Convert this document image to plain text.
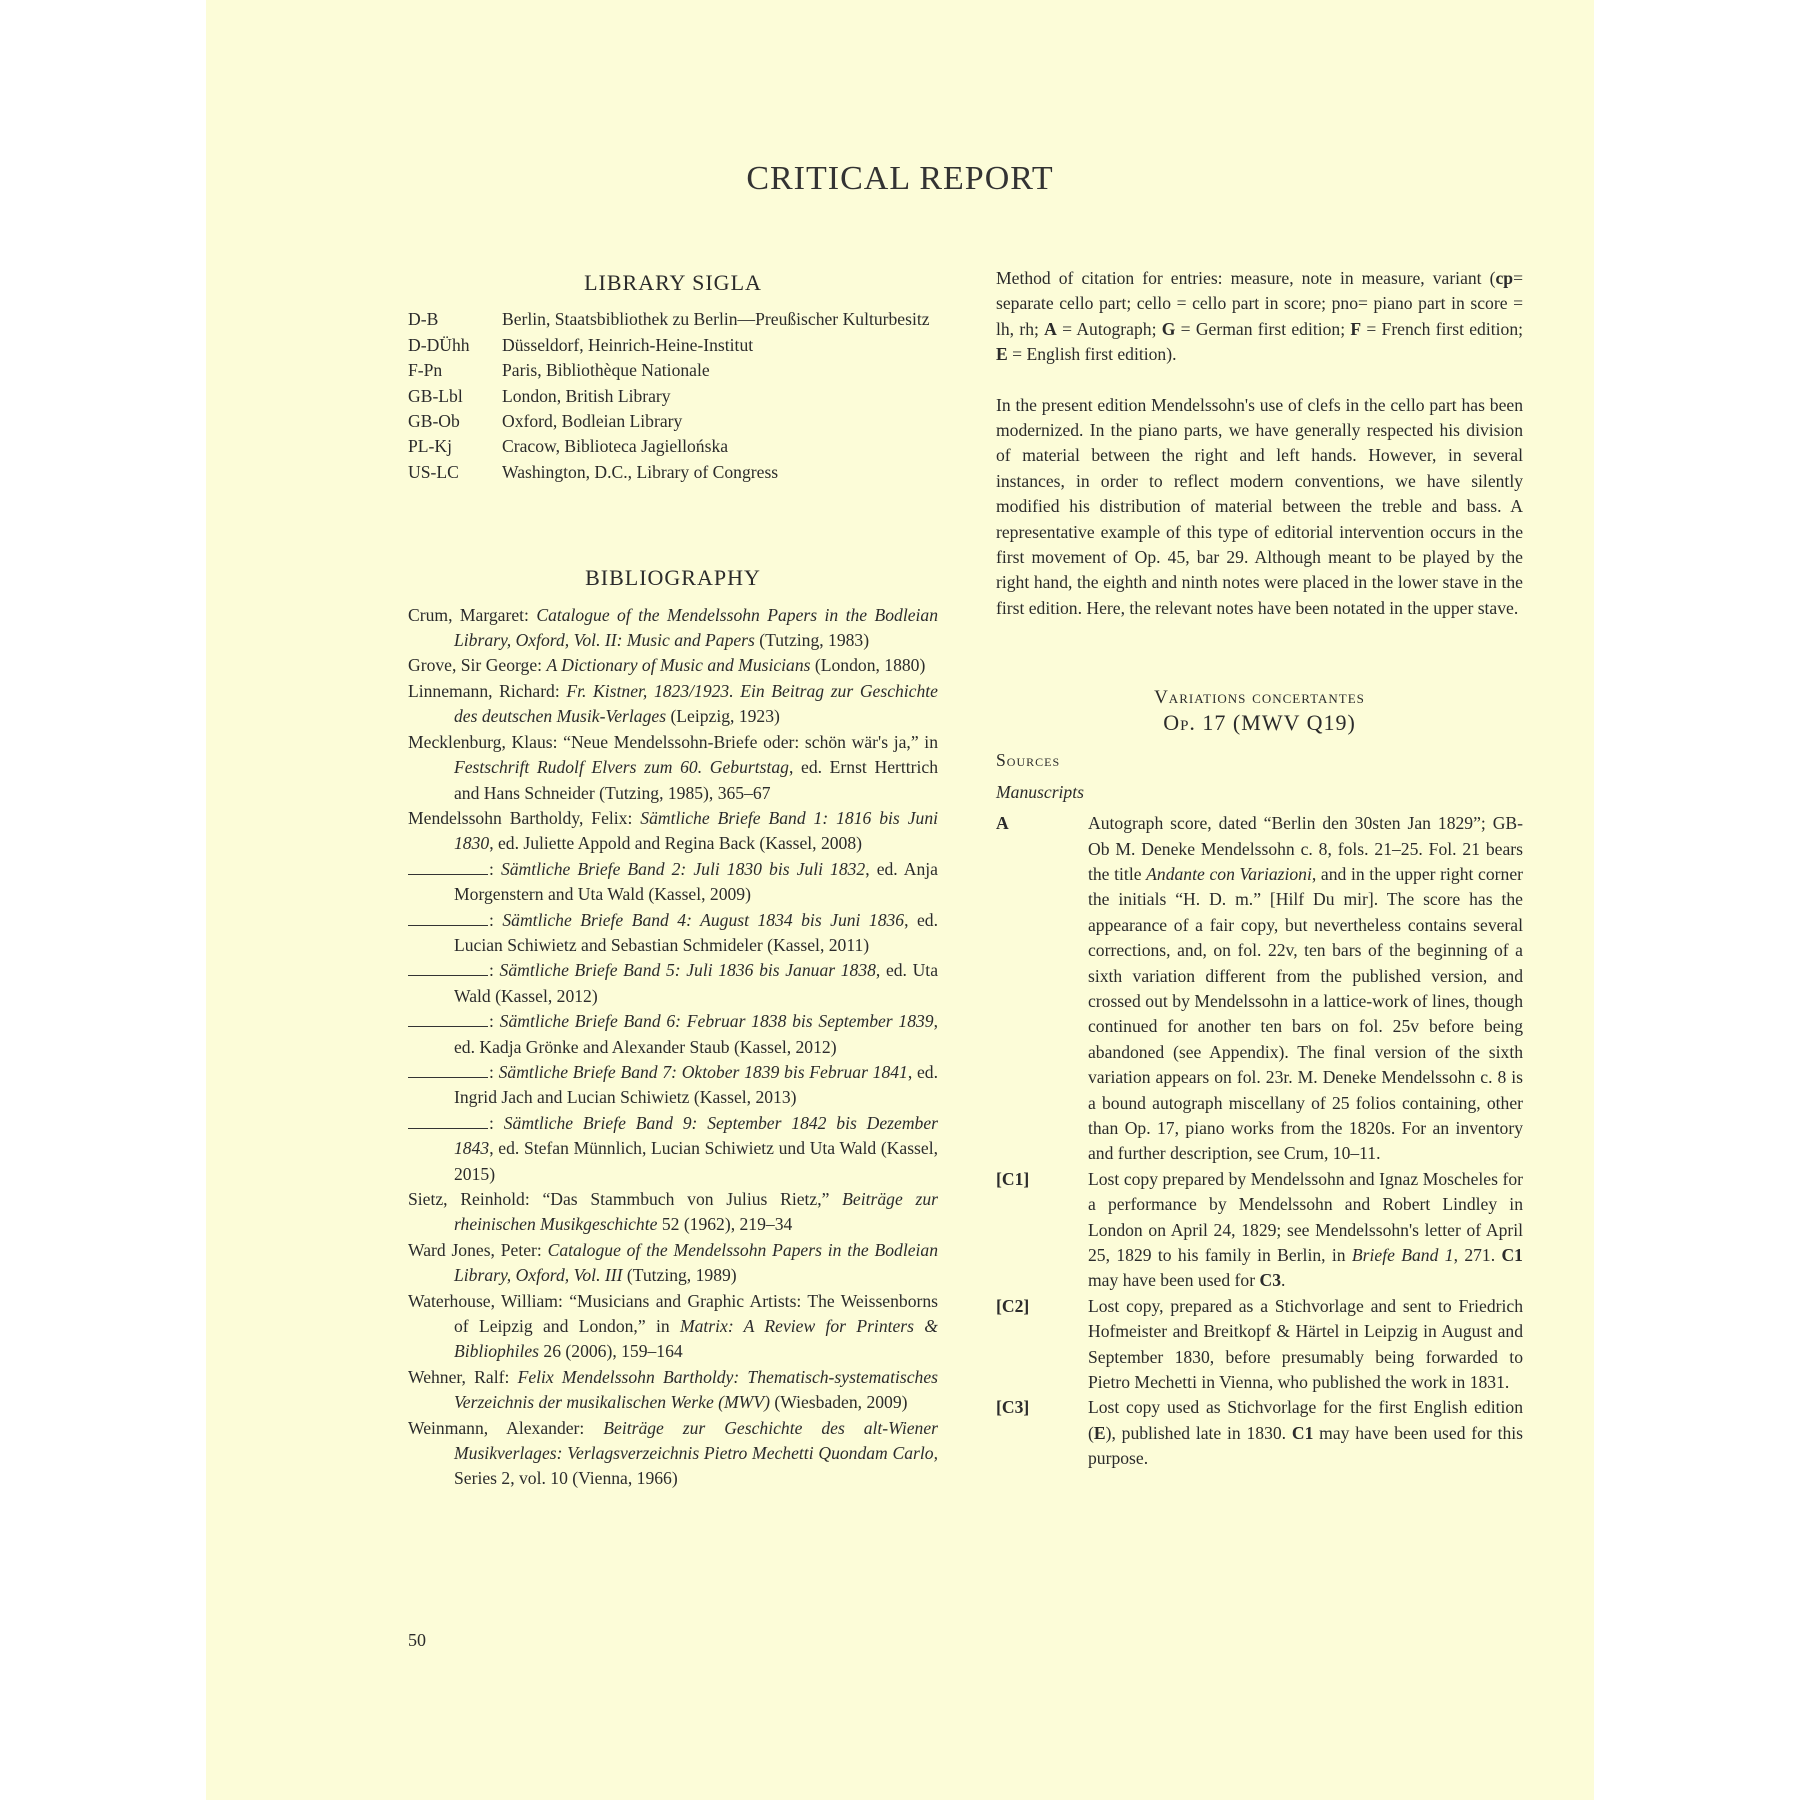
CRITICAL REPORT
LIBRARY SIGLA
D-B	Berlin, Staatsbibliothek zu Berlin—Preußischer Kulturbesitz
D-DÜhh	Düsseldorf, Heinrich-Heine-Institut
F-Pn	Paris, Bibliothèque Nationale
GB-Lbl	London, British Library
GB-Ob	Oxford, Bodleian Library
PL-Kj	Cracow, Biblioteca Jagiellońska
US-LC	Washington, D.C., Library of Congress
BIBLIOGRAPHY
Crum, Margaret: Catalogue of the Mendelssohn Papers in the Bodleian Library, Oxford, Vol. II: Music and Papers (Tutzing, 1983)
Grove, Sir George: A Dictionary of Music and Musicians (London, 1880)
Linnemann, Richard: Fr. Kistner, 1823/1923. Ein Beitrag zur Geschichte des deutschen Musik-Verlages (Leipzig, 1923)
Mecklenburg, Klaus: “Neue Mendelssohn-Briefe oder: schön wär's ja,” in Festschrift Rudolf Elvers zum 60. Geburtstag, ed. Ernst Herttrich and Hans Schneider (Tutzing, 1985), 365–67
Mendelssohn Bartholdy, Felix: Sämtliche Briefe Band 1: 1816 bis Juni 1830, ed. Juliette Appold and Regina Back (Kassel, 2008)
: Sämtliche Briefe Band 2: Juli 1830 bis Juli 1832, ed. Anja Morgenstern and Uta Wald (Kassel, 2009)
: Sämtliche Briefe Band 4: August 1834 bis Juni 1836, ed. Lucian Schiwietz and Sebastian Schmideler (Kassel, 2011)
: Sämtliche Briefe Band 5: Juli 1836 bis Januar 1838, ed. Uta Wald (Kassel, 2012)
: Sämtliche Briefe Band 6: Februar 1838 bis September 1839, ed. Kadja Grönke and Alexander Staub (Kassel, 2012)
: Sämtliche Briefe Band 7: Oktober 1839 bis Februar 1841, ed. Ingrid Jach and Lucian Schiwietz (Kassel, 2013)
: Sämtliche Briefe Band 9: September 1842 bis Dezember 1843, ed. Stefan Münnlich, Lucian Schiwietz und Uta Wald (Kassel, 2015)
Sietz, Reinhold: “Das Stammbuch von Julius Rietz,” Beiträge zur rheinischen Musikgeschichte 52 (1962), 219–34
Ward Jones, Peter: Catalogue of the Mendelssohn Papers in the Bodleian Library, Oxford, Vol. III (Tutzing, 1989)
Waterhouse, William: “Musicians and Graphic Artists: The Weissenborns of Leipzig and London,” in Matrix: A Review for Printers & Bibliophiles 26 (2006), 159–164
Wehner, Ralf: Felix Mendelssohn Bartholdy: Thematisch-systematisches Verzeichnis der musikalischen Werke (MWV) (Wiesbaden, 2009)
Weinmann, Alexander: Beiträge zur Geschichte des alt-Wiener Musikverlages: Verlagsverzeichnis Pietro Mechetti Quondam Carlo, Series 2, vol. 10 (Vienna, 1966)

Method of citation for entries: measure, note in measure, variant (cp= separate cello part; cello = cello part in score; pno= piano part in score = lh, rh; A = Autograph; G = German first edition; F = French first edition; E = English first edition).

In the present edition Mendelssohn's use of clefs in the cello part has been modernized. In the piano parts, we have generally respected his division of material between the right and left hands. However, in several instances, in order to reflect modern conventions, we have silently modified his distribution of material between the treble and bass. A representative example of this type of editorial intervention occurs in the first movement of Op. 45, bar 29. Although meant to be played by the right hand, the eighth and ninth notes were placed in the lower stave in the first edition. Here, the relevant notes have been notated in the upper stave.

Variations concertantes
Op. 17 (MWV Q19)
Sources
Manuscripts
A	Autograph score, dated “Berlin den 30sten Jan 1829”; GB-Ob M. Deneke Mendelssohn c. 8, fols. 21–25. Fol. 21 bears the title Andante con Variazioni, and in the upper right corner the initials “H. D. m.” [Hilf Du mir]. The score has the appearance of a fair copy, but nevertheless contains several corrections, and, on fol. 22v, ten bars of the beginning of a sixth variation different from the published version, and crossed out by Mendelssohn in a lattice-work of lines, though continued for another ten bars on fol. 25v before being abandoned (see Appendix). The final version of the sixth variation appears on fol. 23r. M. Deneke Mendelssohn c. 8 is a bound autograph miscellany of 25 folios containing, other than Op. 17, piano works from the 1820s. For an inventory and further description, see Crum, 10–11.
[C1]	Lost copy prepared by Mendelssohn and Ignaz Moscheles for a performance by Mendelssohn and Robert Lindley in London on April 24, 1829; see Mendelssohn's letter of April 25, 1829 to his family in Berlin, in Briefe Band 1, 271. C1 may have been used for C3.
[C2]	Lost copy, prepared as a Stichvorlage and sent to Friedrich Hofmeister and Breitkopf & Härtel in Leipzig in August and September 1830, before presumably being forwarded to Pietro Mechetti in Vienna, who published the work in 1831.
[C3]	Lost copy used as Stichvorlage for the first English edition (E), published late in 1830. C1 may have been used for this purpose.
50
